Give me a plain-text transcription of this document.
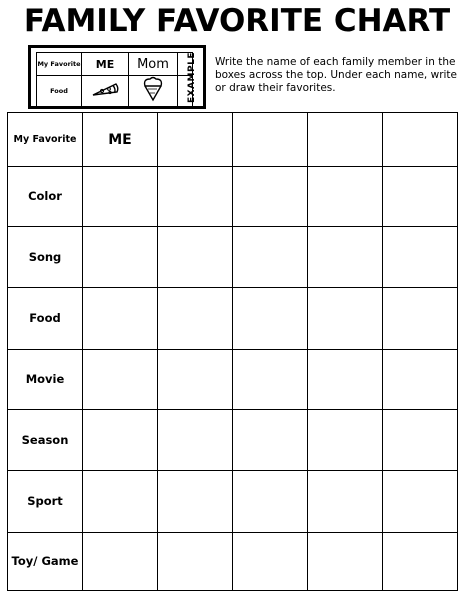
FAMILY FAVORITE CHART
My Favorite	ME	Mom	
Food				EXAMPLE	Write the name of each family member in the boxes across the top. Under each name, write or draw their favorites.
My Favorite	ME				
Color					
Song					
Food					
Movie					
Season					
Sport					
Toy/ Game					
